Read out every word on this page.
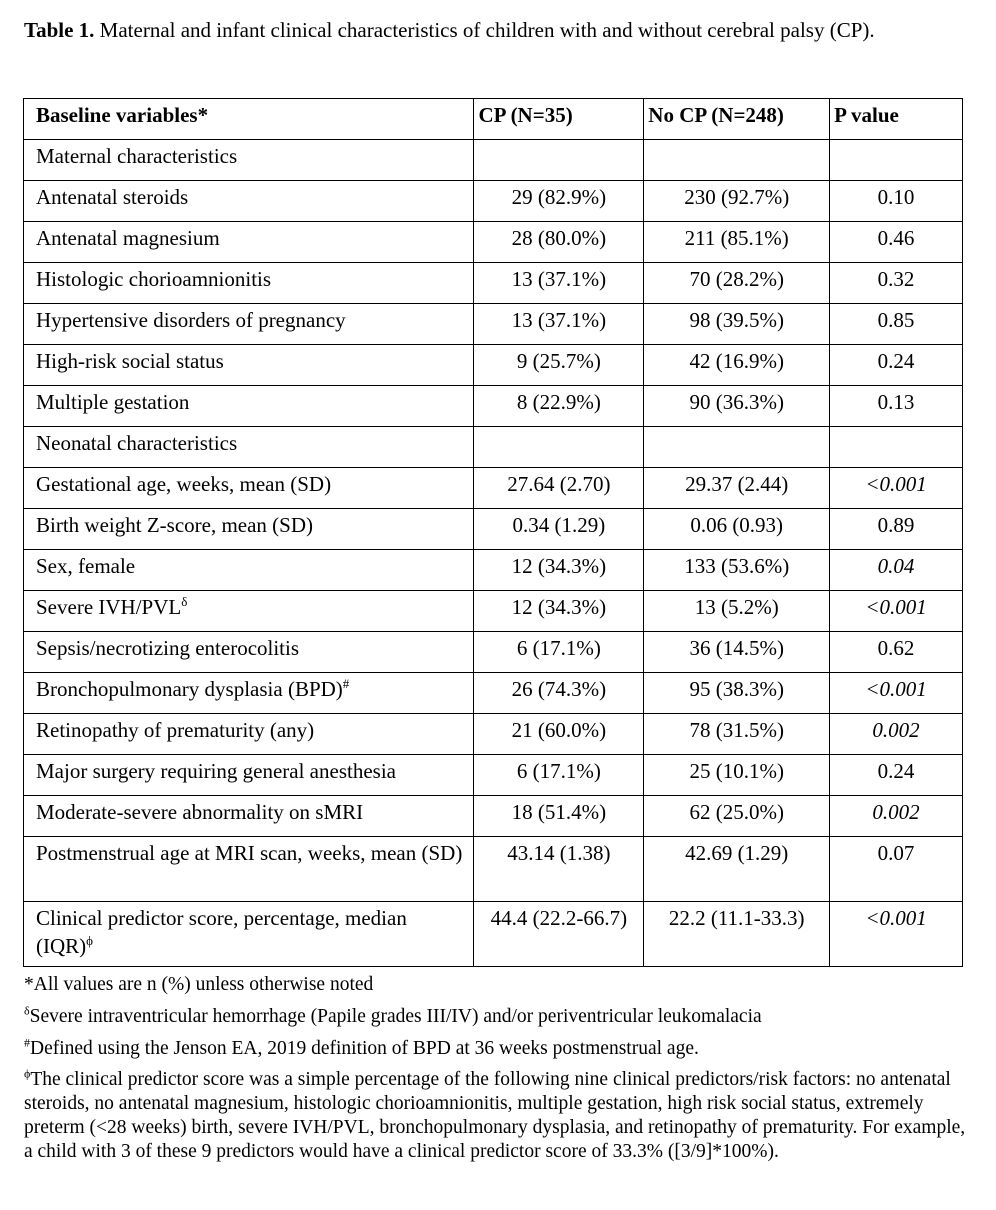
Table 1. Maternal and infant clinical characteristics of children with and without cerebral palsy (CP).
Baseline variables*	CP (N=35)	No CP (N=248)	P value
Maternal characteristics			
Antenatal steroids	29 (82.9%)	230 (92.7%)	0.10
Antenatal magnesium	28 (80.0%)	211 (85.1%)	0.46
Histologic chorioamnionitis	13 (37.1%)	70 (28.2%)	0.32
Hypertensive disorders of pregnancy	13 (37.1%)	98 (39.5%)	0.85
High-risk social status	9 (25.7%)	42 (16.9%)	0.24
Multiple gestation	8 (22.9%)	90 (36.3%)	0.13
Neonatal characteristics			
Gestational age, weeks, mean (SD)	27.64 (2.70)	29.37 (2.44)	<0.001
Birth weight Z-score, mean (SD)	0.34 (1.29)	0.06 (0.93)	0.89
Sex, female	12 (34.3%)	133 (53.6%)	0.04
Severe IVH/$PVL^\delta$	12 (34.3%)	13 (5.2%)	<0.001
Sepsis/necrotizing enterocolitis	6 (17.1%)	36 (14.5%)	0.62
Bronchopulmonary dysplasia (BPD)#	26 (74.3%)	95 (38.3%)	<0.001
Retinopathy of prematurity (any)	21 (60.0%)	78 (31.5%)	0.002
Major surgery requiring general anesthesia	6 (17.1%)	25 (10.1%)	0.24
Moderate-severe abnormality on sMRI	18 (51.4%)	62 (25.0%)	0.002
Postmenstrual age at MRI scan, weeks, mean (SD)	43.14 (1.38)	42.69 (1.29)	0.07
Clinical predictor score, percentage, median (IQR)$^\phi$	44.4 (22.2-66.7)	22.2 (11.1-33.3)	<0.001

*All values are n (%) unless otherwise noted

$^\delta$Severe intraventricular hemorrhage (Papile grades III/IV) and/or periventricular leukomalacia

#Defined using the Jenson EA, 2019 definition of BPD at 36 weeks postmenstrual age.

$^\phi$The clinical predictor score was a simple percentage of the following nine clinical predictors/risk factors: no antenatal steroids, no antenatal magnesium, histologic chorioamnionitis, multiple gestation, high risk social status, extremely preterm (<28 weeks) birth, severe IVH/PVL, bronchopulmonary dysplasia, and retinopathy of prematurity. For example, a child with 3 of these 9 predictors would have a clinical predictor score of 33.3% ([3/9]*100%).
